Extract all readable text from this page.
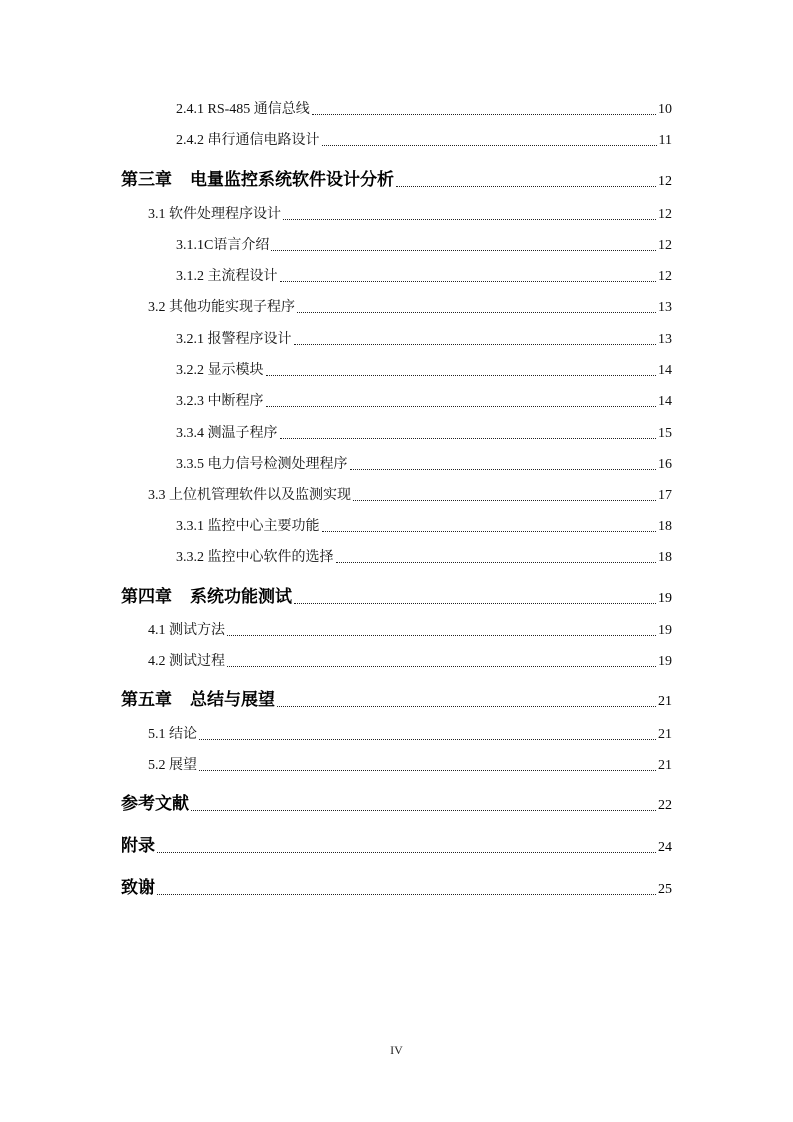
2.4.1 RS-485 通信总线	10
2.4.2 串行通信电路设计	11
第三章 电量监控系统软件设计分析	12
3.1 软件处理程序设计	12
3.1.1C语言介绍	12
3.1.2 主流程设计	12
3.2 其他功能实现子程序	13
3.2.1 报警程序设计	13
3.2.2 显示模块	14
3.2.3 中断程序	14
3.3.4 测温子程序	15
3.3.5 电力信号检测处理程序	16
3.3 上位机管理软件以及监测实现	17
3.3.1 监控中心主要功能	18
3.3.2 监控中心软件的选择	18
第四章 系统功能测试	19
4.1 测试方法	19
4.2 测试过程	19
第五章 总结与展望	21
5.1 结论	21
5.2 展望	21
参考文献	22
附录	24
致谢	25
IV
